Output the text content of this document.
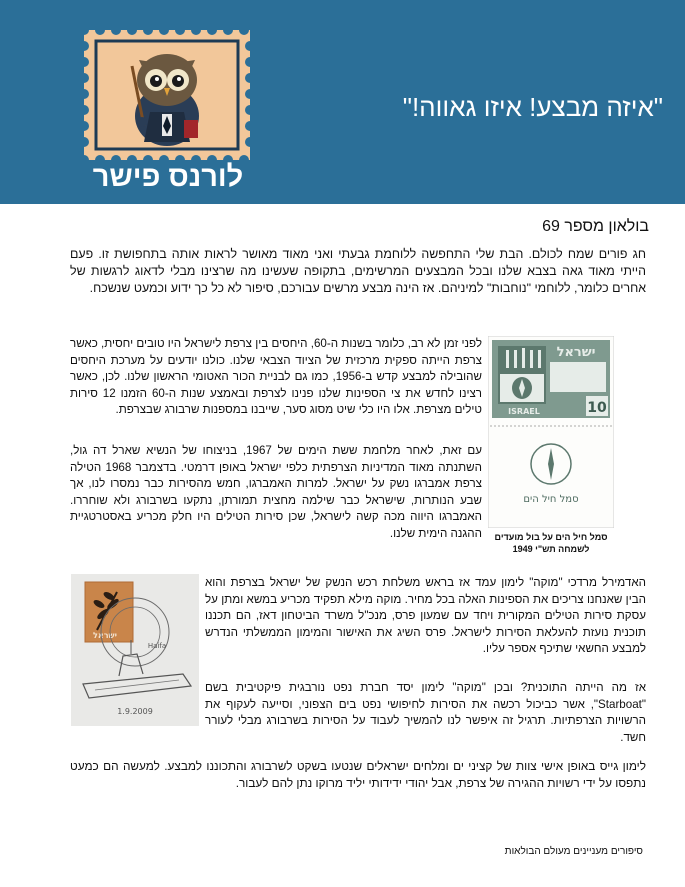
לורנס פישר
"איזה מבצע! איזו גאווה!"
בולאון מספר 69

חג פורים שמח לכולם. הבת שלי התחפשה ללוחמת גבעתי ואני מאוד מאושר לראות אותה בתחפושת זו. פעם הייתי מאוד גאה בצבא שלנו ובכל המבצעים המרשימים, בתקופה שעשינו מה שרצינו מבלי לדאוג לרגשות של אחרים כלומר, ללוחמי "נוחבות" למיניהם. אז הינה מבצע מרשים עבורכם, סיפור לא כל כך ידוע וכמעט שנשכח.

לפני זמן לא רב, כלומר בשנות ה-60, היחסים בין צרפת לישראל היו טובים יחסית, כאשר צרפת הייתה ספקית מרכזית של הציוד הצבאי שלנו. כולנו יודעים על מערכת היחסים שהובילה למבצע קדש ב-1956, כמו גם לבניית הכור האטומי הראשון שלנו. לכן, כאשר רצינו לחדש את צי הספינות שלנו פנינו לצרפת ובאמצע שנות ה-60 הזמנו 12 סירות טילים מצרפת. אלו היו כלי שיט מסוג סער, שייבנו במספנות שרבורג שבצרפת.

עם זאת, לאחר מלחמת ששת הימים של 1967, בניצוחו של הנשיא שארל דה גול, השתנתה מאוד המדיניות הצרפתית כלפי ישראל באופן דרמטי. בדצמבר 1968 הטילה צרפת אמברגו נשק על ישראל. למרות האמברגו, חמש מהסירות כבר נמסרו לנו, אך שבע הנותרות, שישראל כבר שילמה מחצית תמורתן, נתקעו בשרבורג ולא שוחררו. האמברגו היווה מכה קשה לישראל, שכן סירות הטילים היו חלק מכריע באסטרטגיית ההגנה הימית שלנו.

האדמירל מרדכי "מוקה" לימון עמד אז בראש משלחת רכש הנשק של ישראל בצרפת והוא הבין שאנחנו צריכים את הספינות האלה בכל מחיר. מוקה מילא תפקיד מכריע במשא ומתן על עסקת סירות הטילים המקורית ויחד עם שמעון פרס, מנכ"ל משרד הביטחון דאז, הם תכננו תוכנית נועזת להעלאת הסירות לישראל. פרס השיג את האישור והמימון הממשלתי הנדרש למבצע החשאי שתיכף אספר עליו.

אז מה הייתה התוכנית? ובכן "מוקה" לימון יסד חברת נפט נורבגית פיקטיבית בשם "Starboat", אשר כביכול רכשה את הסירות לחיפושי נפט בים הצפוני, וסייעה לעקוף את הרשויות הצרפתיות. תרגיל זה איפשר לנו להמשיך לעבוד על הסירות בשרבורג מבלי לעורר חשד.

לימון גייס באופן אישי צוות של קציני ים ומלחים ישראלים שנטעו בשקט לשרבורג והתכוננו למבצע. למעשה הם כמעט נתפסו על ידי רשויות ההגירה של צרפת, אבל יהודי ידידותי יליד מרוקו נתן להם לעבור.

ישראל
ISRAEL	10
סמל חיל הים
סמל חיל הים על בול מועדים
לשמחה תש"י 1949
ישראל
Haifa
1.9.2009
סיפורים מעניינים מעולם הבולאות
